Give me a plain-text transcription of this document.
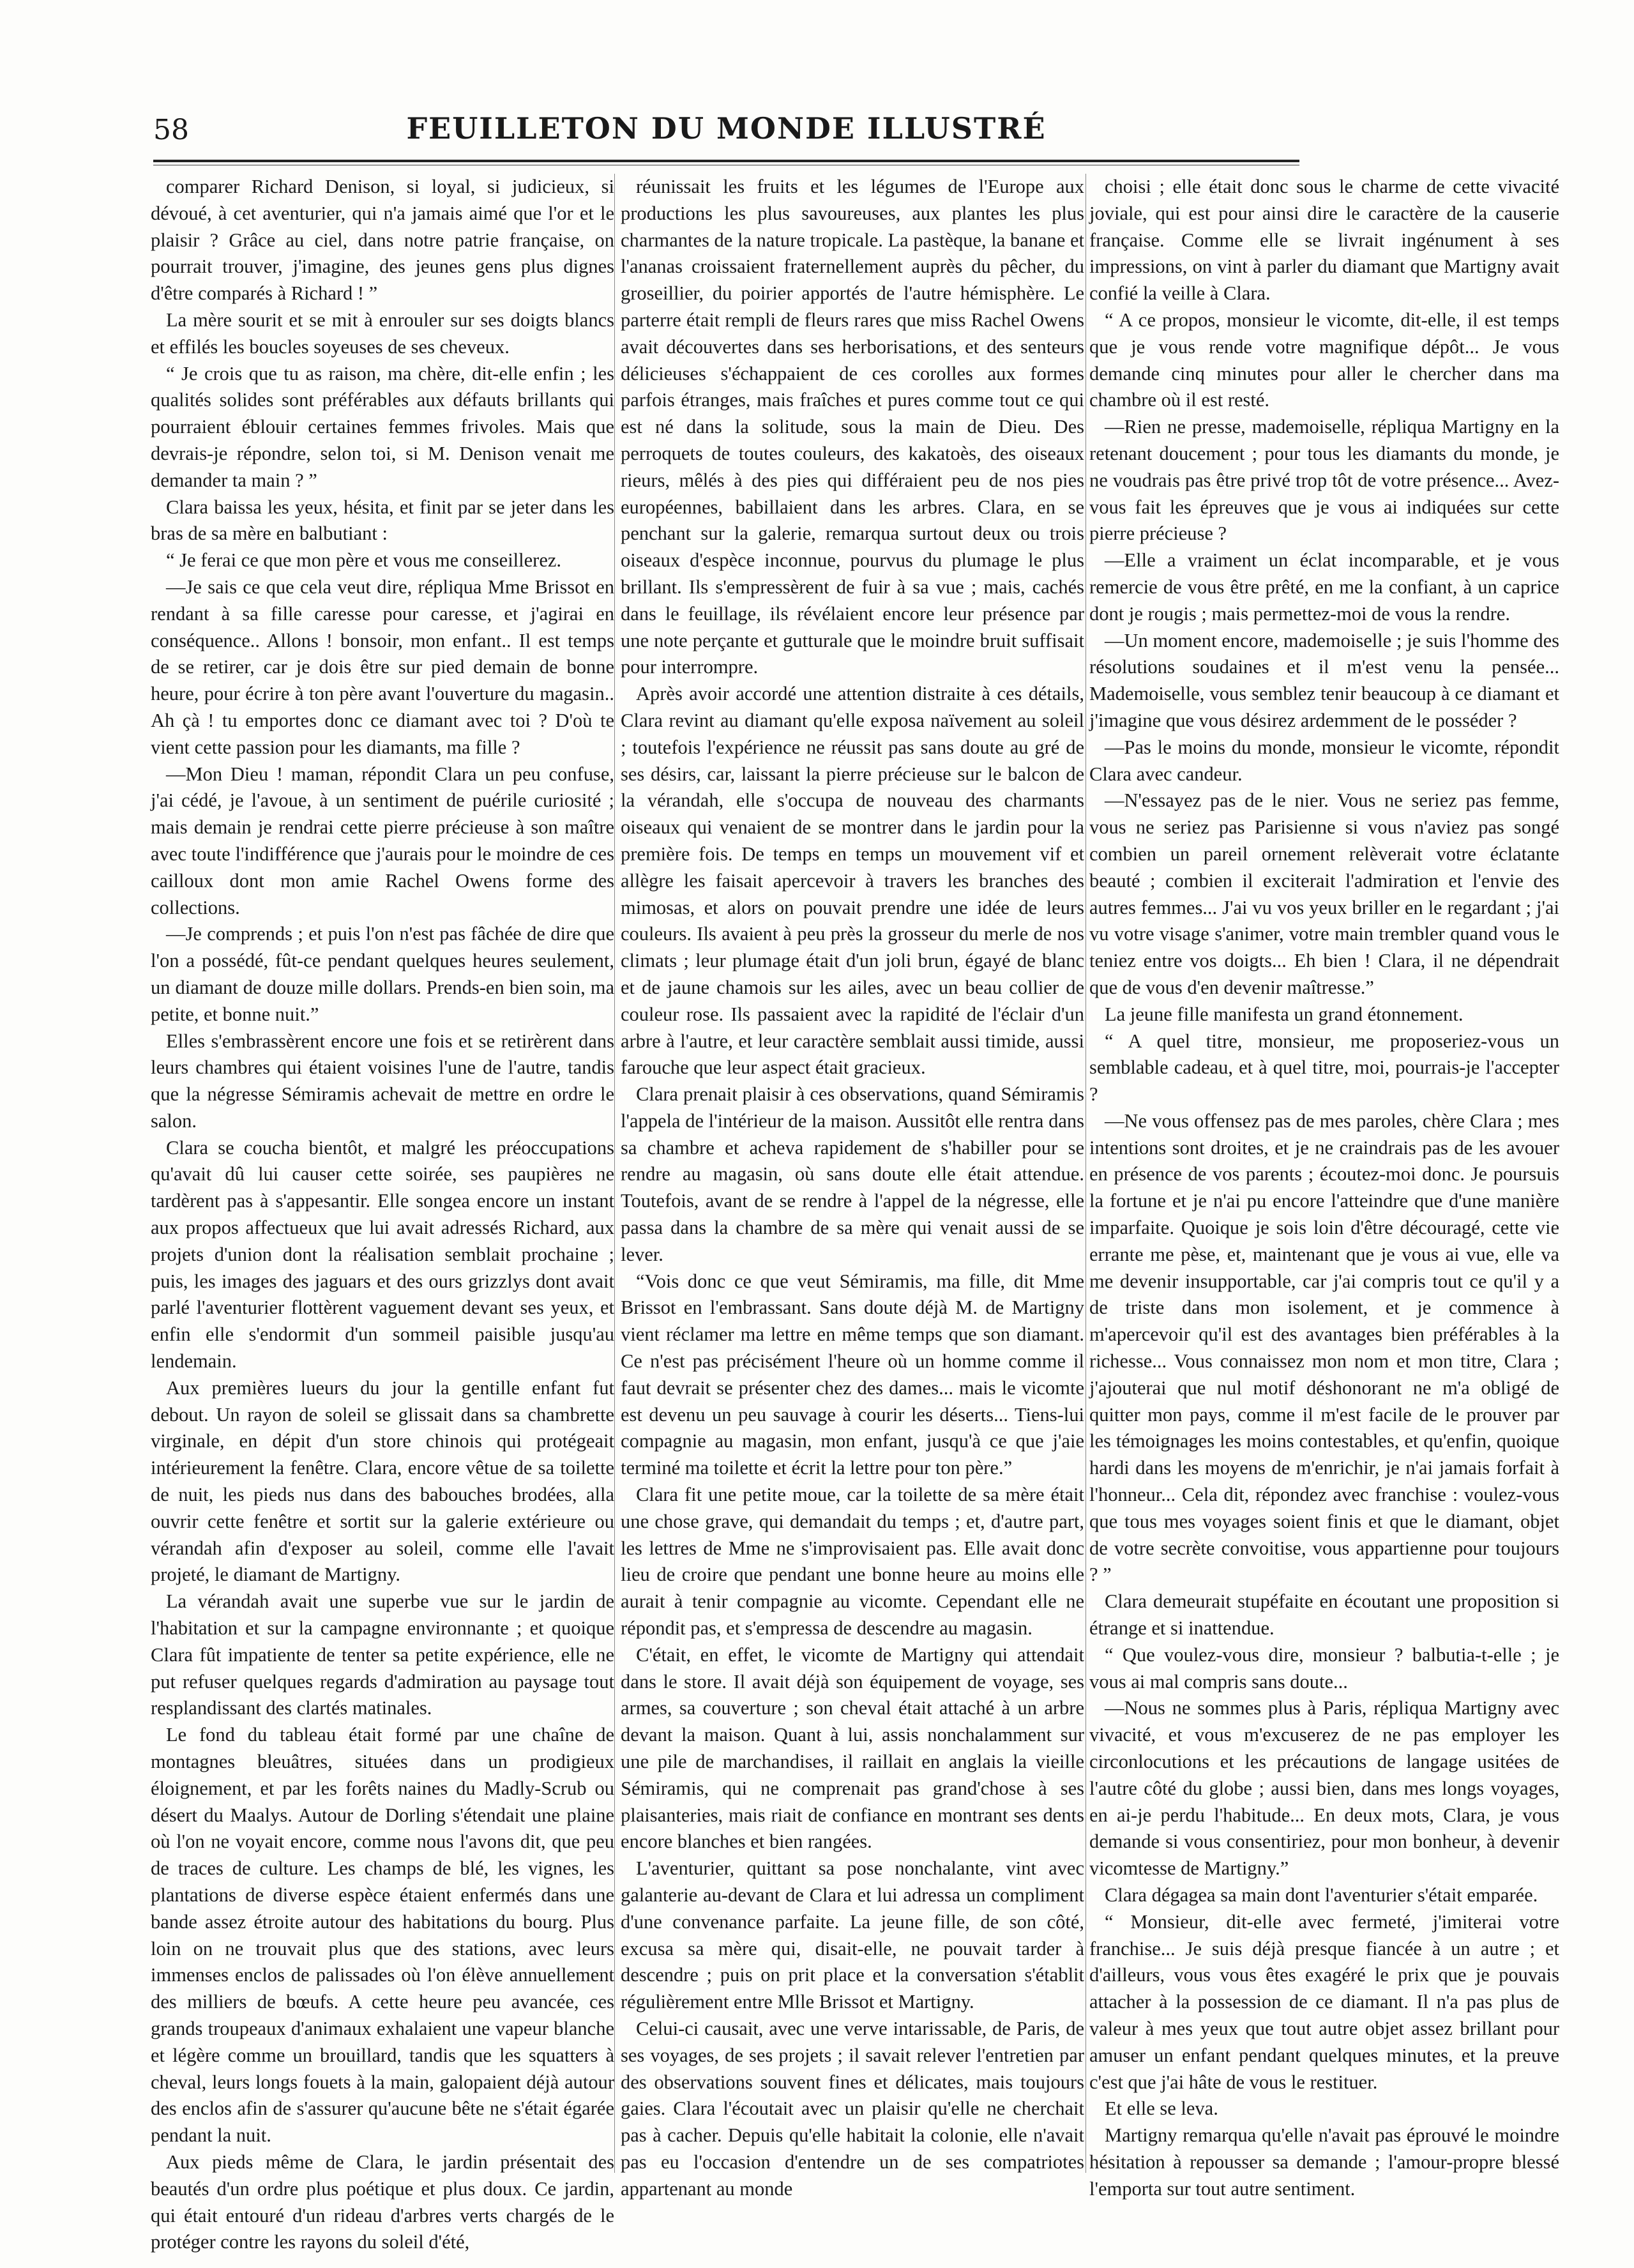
58	FEUILLETON DU MONDE ILLUSTRÉ

comparer Richard Denison, si loyal, si judicieux, si dévoué, à cet aventurier, qui n'a jamais aimé que l'or et le plaisir ? Grâce au ciel, dans notre patrie française, on pourrait trouver, j'imagine, des jeunes gens plus dignes d'être comparés à Richard ! ”

La mère sourit et se mit à enrouler sur ses doigts blancs et effilés les boucles soyeuses de ses cheveux.

“ Je crois que tu as raison, ma chère, dit-elle enfin ; les qualités solides sont préférables aux défauts brillants qui pourraient éblouir certaines femmes frivoles. Mais que devrais-je répondre, selon toi, si M. Denison venait me demander ta main ? ”

Clara baissa les yeux, hésita, et finit par se jeter dans les bras de sa mère en balbutiant :

“ Je ferai ce que mon père et vous me conseillerez.

—Je sais ce que cela veut dire, répliqua Mme Brissot en rendant à sa fille caresse pour caresse, et j'agirai en conséquence.. Allons ! bonsoir, mon enfant.. Il est temps de se retirer, car je dois être sur pied demain de bonne heure, pour écrire à ton père avant l'ouverture du magasin.. Ah çà ! tu emportes donc ce diamant avec toi ? D'où te vient cette passion pour les diamants, ma fille ?

—Mon Dieu ! maman, répondit Clara un peu confuse, j'ai cédé, je l'avoue, à un sentiment de puérile curiosité ; mais demain je rendrai cette pierre précieuse à son maître avec toute l'indifférence que j'aurais pour le moindre de ces cailloux dont mon amie Rachel Owens forme des collections.

—Je comprends ; et puis l'on n'est pas fâchée de dire que l'on a possédé, fût-ce pendant quelques heures seulement, un diamant de douze mille dollars. Prends-en bien soin, ma petite, et bonne nuit.”

Elles s'embrassèrent encore une fois et se retirèrent dans leurs chambres qui étaient voisines l'une de l'autre, tandis que la négresse Sémiramis achevait de mettre en ordre le salon.

Clara se coucha bientôt, et malgré les préoccupations qu'avait dû lui causer cette soirée, ses paupières ne tardèrent pas à s'appesantir. Elle songea encore un instant aux propos affectueux que lui avait adressés Richard, aux projets d'union dont la réalisation semblait prochaine ; puis, les images des jaguars et des ours grizzlys dont avait parlé l'aventurier flottèrent vaguement devant ses yeux, et enfin elle s'endormit d'un sommeil paisible jusqu'au lendemain.

Aux premières lueurs du jour la gentille enfant fut debout. Un rayon de soleil se glissait dans sa chambrette virginale, en dépit d'un store chinois qui protégeait intérieurement la fenêtre. Clara, encore vêtue de sa toilette de nuit, les pieds nus dans des babouches brodées, alla ouvrir cette fenêtre et sortit sur la galerie extérieure ou vérandah afin d'exposer au soleil, comme elle l'avait projeté, le diamant de Martigny.

La vérandah avait une superbe vue sur le jardin de l'habitation et sur la campagne environnante ; et quoique Clara fût impatiente de tenter sa petite expérience, elle ne put refuser quelques regards d'admiration au paysage tout resplandissant des clartés matinales.

Le fond du tableau était formé par une chaîne de montagnes bleuâtres, situées dans un prodigieux éloignement, et par les forêts naines du Madly-Scrub ou désert du Maalys. Autour de Dorling s'étendait une plaine où l'on ne voyait encore, comme nous l'avons dit, que peu de traces de culture. Les champs de blé, les vignes, les plantations de diverse espèce étaient enfermés dans une bande assez étroite autour des habitations du bourg. Plus loin on ne trouvait plus que des stations, avec leurs immenses enclos de palissades où l'on élève annuellement des milliers de bœufs. A cette heure peu avancée, ces grands troupeaux d'animaux exhalaient une vapeur blanche et légère comme un brouillard, tandis que les squatters à cheval, leurs longs fouets à la main, galopaient déjà autour des enclos afin de s'assurer qu'aucune bête ne s'était égarée pendant la nuit.

Aux pieds même de Clara, le jardin présentait des beautés d'un ordre plus poétique et plus doux. Ce jardin, qui était entouré d'un rideau d'arbres verts chargés de le protéger contre les rayons du soleil d'été,

réunissait les fruits et les légumes de l'Europe aux productions les plus savoureuses, aux plantes les plus charmantes de la nature tropicale. La pastèque, la banane et l'ananas croissaient fraternellement auprès du pêcher, du groseillier, du poirier apportés de l'autre hémisphère. Le parterre était rempli de fleurs rares que miss Rachel Owens avait découvertes dans ses herborisations, et des senteurs délicieuses s'échappaient de ces corolles aux formes parfois étranges, mais fraîches et pures comme tout ce qui est né dans la solitude, sous la main de Dieu. Des perroquets de toutes couleurs, des kakatoès, des oiseaux rieurs, mêlés à des pies qui différaient peu de nos pies européennes, babillaient dans les arbres. Clara, en se penchant sur la galerie, remarqua surtout deux ou trois oiseaux d'espèce inconnue, pourvus du plumage le plus brillant. Ils s'empressèrent de fuir à sa vue ; mais, cachés dans le feuillage, ils révélaient encore leur présence par une note perçante et gutturale que le moindre bruit suffisait pour interrompre.

Après avoir accordé une attention distraite à ces détails, Clara revint au diamant qu'elle exposa naïvement au soleil ; toutefois l'expérience ne réussit pas sans doute au gré de ses désirs, car, laissant la pierre précieuse sur le balcon de la vérandah, elle s'occupa de nouveau des charmants oiseaux qui venaient de se montrer dans le jardin pour la première fois. De temps en temps un mouvement vif et allègre les faisait apercevoir à travers les branches des mimosas, et alors on pouvait prendre une idée de leurs couleurs. Ils avaient à peu près la grosseur du merle de nos climats ; leur plumage était d'un joli brun, égayé de blanc et de jaune chamois sur les ailes, avec un beau collier de couleur rose. Ils passaient avec la rapidité de l'éclair d'un arbre à l'autre, et leur caractère semblait aussi timide, aussi farouche que leur aspect était gracieux.

Clara prenait plaisir à ces observations, quand Sémiramis l'appela de l'intérieur de la maison. Aussitôt elle rentra dans sa chambre et acheva rapidement de s'habiller pour se rendre au magasin, où sans doute elle était attendue. Toutefois, avant de se rendre à l'appel de la négresse, elle passa dans la chambre de sa mère qui venait aussi de se lever.

“Vois donc ce que veut Sémiramis, ma fille, dit Mme Brissot en l'embrassant. Sans doute déjà M. de Martigny vient réclamer ma lettre en même temps que son diamant. Ce n'est pas précisément l'heure où un homme comme il faut devrait se présenter chez des dames... mais le vicomte est devenu un peu sauvage à courir les déserts... Tiens-lui compagnie au magasin, mon enfant, jusqu'à ce que j'aie terminé ma toilette et écrit la lettre pour ton père.”

Clara fit une petite moue, car la toilette de sa mère était une chose grave, qui demandait du temps ; et, d'autre part, les lettres de Mme ne s'improvisaient pas. Elle avait donc lieu de croire que pendant une bonne heure au moins elle aurait à tenir compagnie au vicomte. Cependant elle ne répondit pas, et s'empressa de descendre au magasin.

C'était, en effet, le vicomte de Martigny qui attendait dans le store. Il avait déjà son équipement de voyage, ses armes, sa couverture ; son cheval était attaché à un arbre devant la maison. Quant à lui, assis nonchalamment sur une pile de marchandises, il raillait en anglais la vieille Sémiramis, qui ne comprenait pas grand'chose à ses plaisanteries, mais riait de confiance en montrant ses dents encore blanches et bien rangées.

L'aventurier, quittant sa pose nonchalante, vint avec galanterie au-devant de Clara et lui adressa un compliment d'une convenance parfaite. La jeune fille, de son côté, excusa sa mère qui, disait-elle, ne pouvait tarder à descendre ; puis on prit place et la conversation s'établit régulièrement entre Mlle Brissot et Martigny.

Celui-ci causait, avec une verve intarissable, de Paris, de ses voyages, de ses projets ; il savait relever l'entretien par des observations souvent fines et délicates, mais toujours gaies. Clara l'écoutait avec un plaisir qu'elle ne cherchait pas à cacher. Depuis qu'elle habitait la colonie, elle n'avait pas eu l'occasion d'entendre un de ses compatriotes appartenant au monde

choisi ; elle était donc sous le charme de cette vivacité joviale, qui est pour ainsi dire le caractère de la causerie française. Comme elle se livrait ingénument à ses impressions, on vint à parler du diamant que Martigny avait confié la veille à Clara.

“ A ce propos, monsieur le vicomte, dit-elle, il est temps que je vous rende votre magnifique dépôt... Je vous demande cinq minutes pour aller le chercher dans ma chambre où il est resté.

—Rien ne presse, mademoiselle, répliqua Martigny en la retenant doucement ; pour tous les diamants du monde, je ne voudrais pas être privé trop tôt de votre présence... Avez-vous fait les épreuves que je vous ai indiquées sur cette pierre précieuse ?

—Elle a vraiment un éclat incomparable, et je vous remercie de vous être prêté, en me la confiant, à un caprice dont je rougis ; mais permettez-moi de vous la rendre.

—Un moment encore, mademoiselle ; je suis l'homme des résolutions soudaines et il m'est venu la pensée... Mademoiselle, vous semblez tenir beaucoup à ce diamant et j'imagine que vous désirez ardemment de le posséder ?

—Pas le moins du monde, monsieur le vicomte, répondit Clara avec candeur.

—N'essayez pas de le nier. Vous ne seriez pas femme, vous ne seriez pas Parisienne si vous n'aviez pas songé combien un pareil ornement relèverait votre éclatante beauté ; combien il exciterait l'admiration et l'envie des autres femmes... J'ai vu vos yeux briller en le regardant ; j'ai vu votre visage s'animer, votre main trembler quand vous le teniez entre vos doigts... Eh bien ! Clara, il ne dépendrait que de vous d'en devenir maîtresse.”

La jeune fille manifesta un grand étonnement.

“ A quel titre, monsieur, me proposeriez-vous un semblable cadeau, et à quel titre, moi, pourrais-je l'accepter ?

—Ne vous offensez pas de mes paroles, chère Clara ; mes intentions sont droites, et je ne craindrais pas de les avouer en présence de vos parents ; écoutez-moi donc. Je poursuis la fortune et je n'ai pu encore l'atteindre que d'une manière imparfaite. Quoique je sois loin d'être découragé, cette vie errante me pèse, et, maintenant que je vous ai vue, elle va me devenir insupportable, car j'ai compris tout ce qu'il y a de triste dans mon isolement, et je commence à m'apercevoir qu'il est des avantages bien préférables à la richesse... Vous connaissez mon nom et mon titre, Clara ; j'ajouterai que nul motif déshonorant ne m'a obligé de quitter mon pays, comme il m'est facile de le prouver par les témoignages les moins contestables, et qu'enfin, quoique hardi dans les moyens de m'enrichir, je n'ai jamais forfait à l'honneur... Cela dit, répondez avec franchise : voulez-vous que tous mes voyages soient finis et que le diamant, objet de votre secrète convoitise, vous appartienne pour toujours ? ”

Clara demeurait stupéfaite en écoutant une proposition si étrange et si inattendue.

“ Que voulez-vous dire, monsieur ? balbutia-t-elle ; je vous ai mal compris sans doute...

—Nous ne sommes plus à Paris, répliqua Martigny avec vivacité, et vous m'excuserez de ne pas employer les circonlocutions et les précautions de langage usitées de l'autre côté du globe ; aussi bien, dans mes longs voyages, en ai-je perdu l'habitude... En deux mots, Clara, je vous demande si vous consentiriez, pour mon bonheur, à devenir vicomtesse de Martigny.”

Clara dégagea sa main dont l'aventurier s'était emparée.

“ Monsieur, dit-elle avec fermeté, j'imiterai votre franchise... Je suis déjà presque fiancée à un autre ; et d'ailleurs, vous vous êtes exagéré le prix que je pouvais attacher à la possession de ce diamant. Il n'a pas plus de valeur à mes yeux que tout autre objet assez brillant pour amuser un enfant pendant quelques minutes, et la preuve c'est que j'ai hâte de vous le restituer.

Et elle se leva.

Martigny remarqua qu'elle n'avait pas éprouvé le moindre hésitation à repousser sa demande ; l'amour-propre blessé l'emporta sur tout autre sentiment.
